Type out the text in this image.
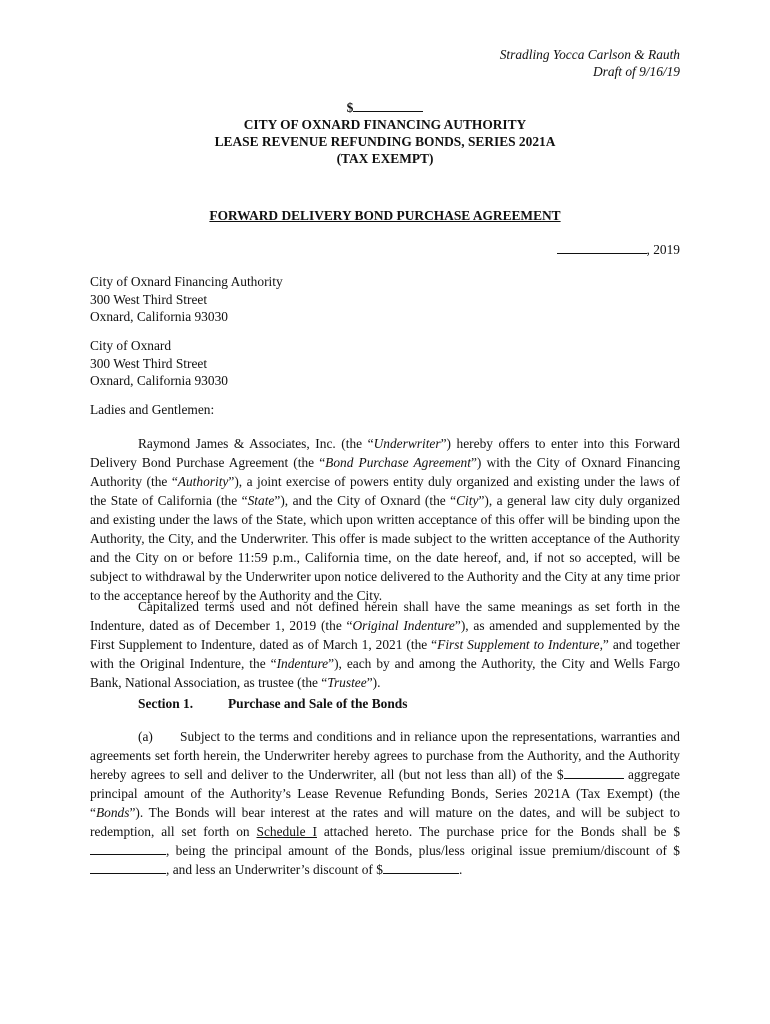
Stradling Yocca Carlson & Rauth
Draft of 9/16/19
$
CITY OF OXNARD FINANCING AUTHORITY
LEASE REVENUE REFUNDING BONDS, SERIES 2021A
(TAX EXEMPT)
FORWARD DELIVERY BOND PURCHASE AGREEMENT
, 2019
City of Oxnard Financing Authority
300 West Third Street
Oxnard, California 93030
City of Oxnard
300 West Third Street
Oxnard, California 93030
Ladies and Gentlemen:

Raymond James & Associates, Inc. (the “Underwriter”) hereby offers to enter into this Forward Delivery Bond Purchase Agreement (the “Bond Purchase Agreement”) with the City of Oxnard Financing Authority (the “Authority”), a joint exercise of powers entity duly organized and existing under the laws of the State of California (the “State”), and the City of Oxnard (the “City”), a general law city duly organized and existing under the laws of the State, which upon written acceptance of this offer will be binding upon the Authority, the City, and the Underwriter. This offer is made subject to the written acceptance of the Authority and the City on or before 11:59 p.m., California time, on the date hereof, and, if not so accepted, will be subject to withdrawal by the Underwriter upon notice delivered to the Authority and the City at any time prior to the acceptance hereof by the Authority and the City.

Capitalized terms used and not defined herein shall have the same meanings as set forth in the Indenture, dated as of December 1, 2019 (the “Original Indenture”), as amended and supplemented by the First Supplement to Indenture, dated as of March 1, 2021 (the “First Supplement to Indenture,” and together with the Original Indenture, the “Indenture”), each by and among the Authority, the City and Wells Fargo Bank, National Association, as trustee (the “Trustee”).

Section 1.	Purchase and Sale of the Bonds

(a) Subject to the terms and conditions and in reliance upon the representations, warranties and agreements set forth herein, the Underwriter hereby agrees to purchase from the Authority, and the Authority hereby agrees to sell and deliver to the Underwriter, all (but not less than all) of the $	aggregate principal amount of the Authority’s Lease Revenue Refunding Bonds, Series 2021A (Tax Exempt) (the “Bonds”). The Bonds will bear interest at the rates and will mature on the dates, and will be subject to redemption, all set forth on Schedule I attached hereto. The purchase price for the Bonds shall be $, being the principal amount of the Bonds, plus/less original issue premium/discount of $, and less an Underwriter’s discount of $	.
